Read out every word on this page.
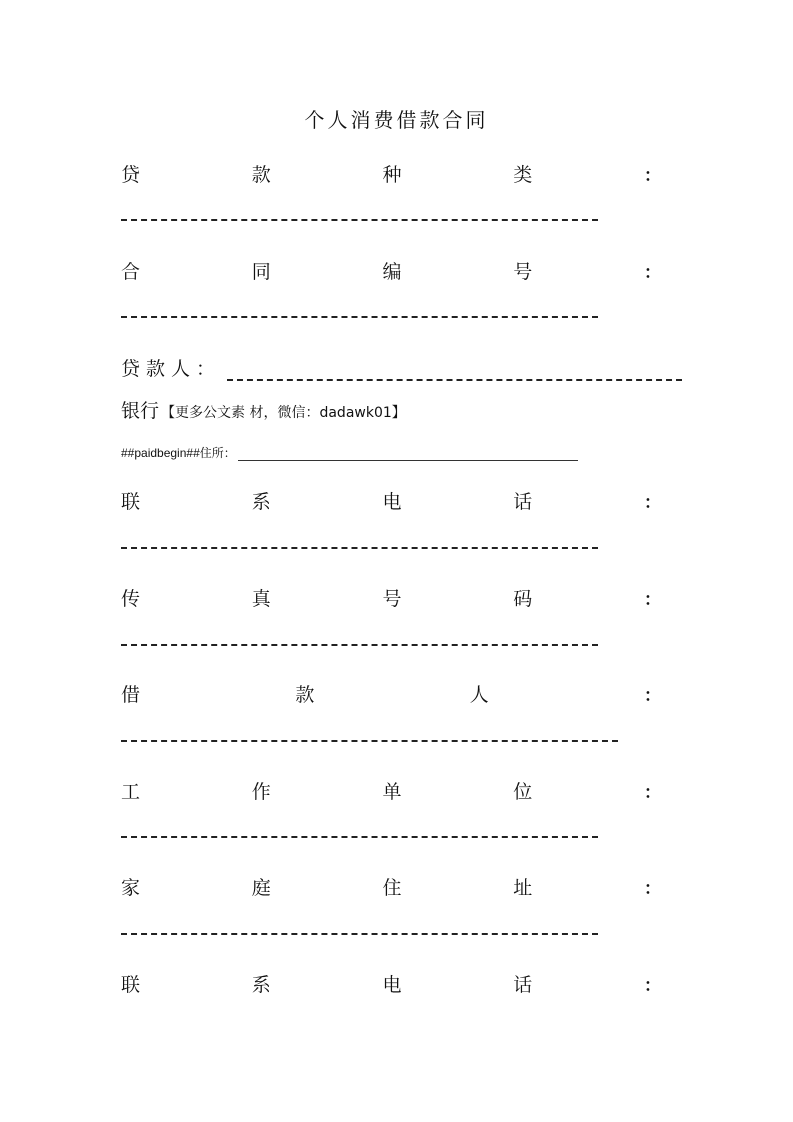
个人消费借款合同
贷	款	种	类	：
合	同	编	号	：
贷款人：
银行 【更多公文素 材，微信：dadawk01】
##paidbegin##住所：
联	系	电	话	：
传	真	号	码	：
借	款	人	：
工	作	单	位	：
家	庭	住	址	：
联	系	电	话	：
